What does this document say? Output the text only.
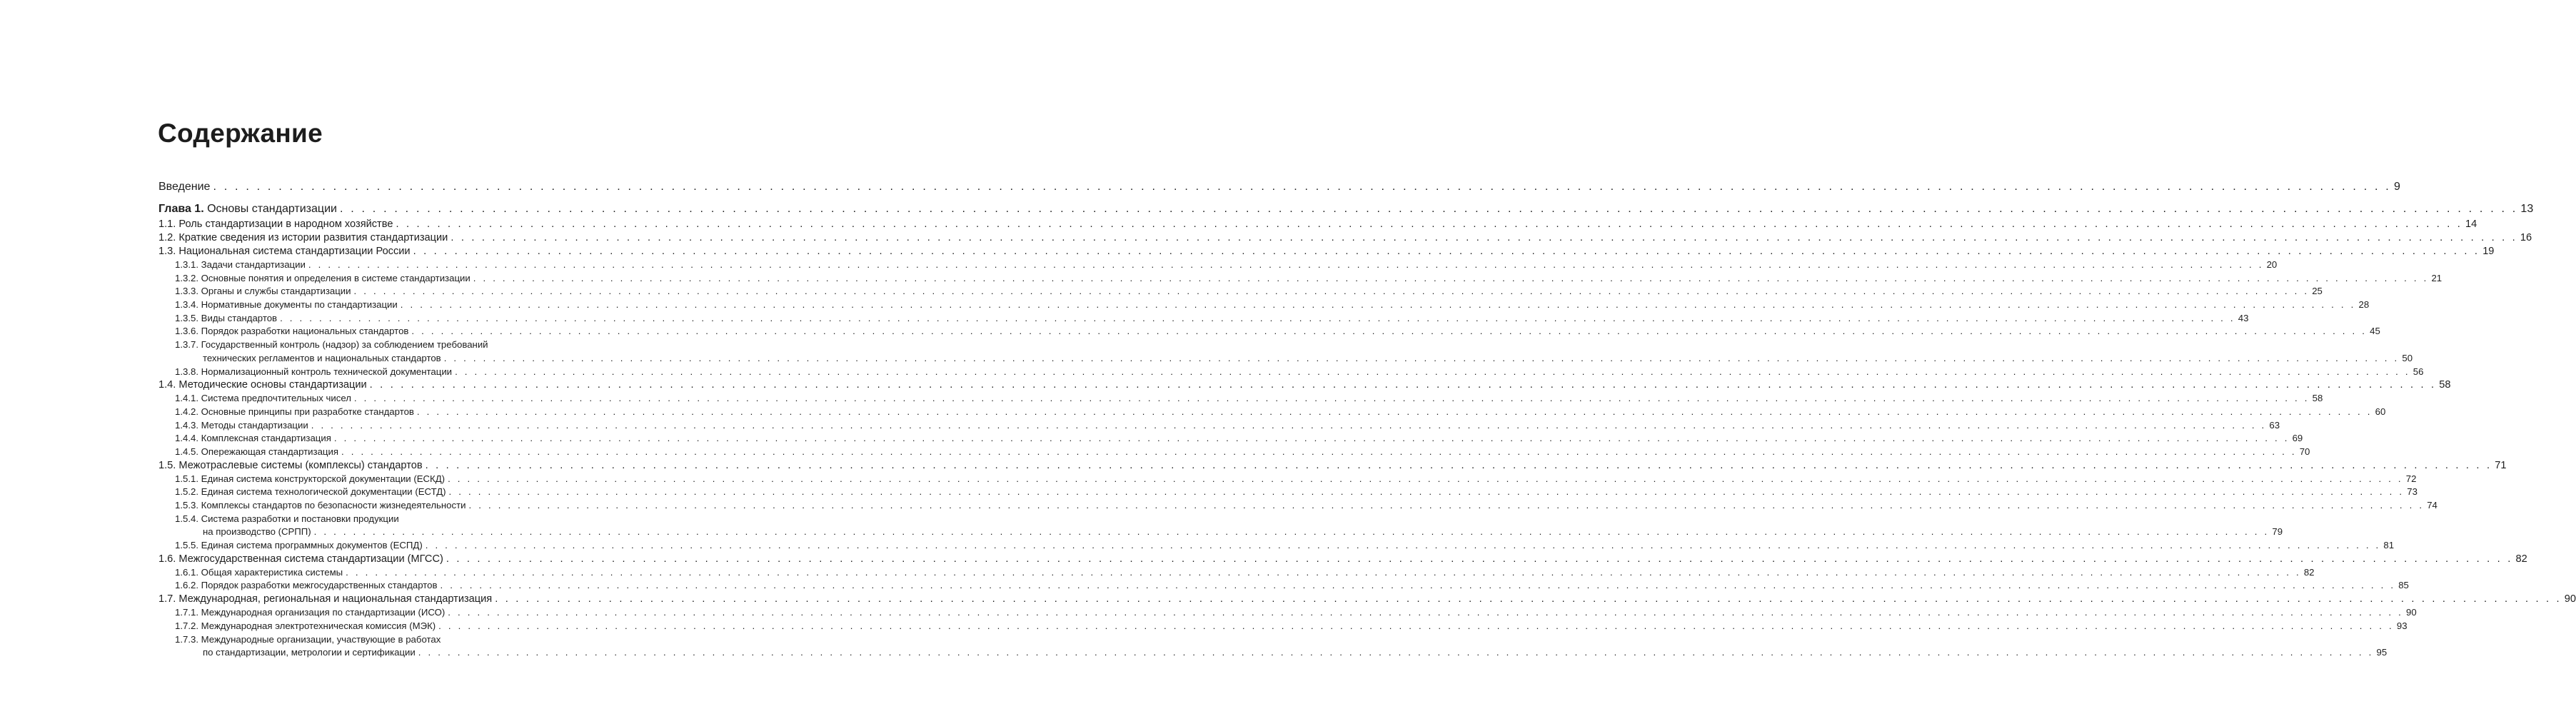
Содержание
Введение . . . . . . . . . . . . . . . . . . . . . . . . . . . . . . . . . . . . . . . . . . . . . . . . . . . . . . . . . . . . . . . . . . . . . . . . . . . . . . . . . . . . . . . . . . . . . . . . . . . . . . . . . . . . . . . . . . . . . . . . . . . . . . . . . . . . . . . . . . . . . . . . . . . . . . . . . . . . . . . . . . . . . . . . . . . . . . . . . . . . . . . . . . . . . . . . . . . . . . . . 9
Глава 1. Основы стандартизации . . . . . . . . . . . . . . . . . . . . . . . . . . . . . . . . . . . . . . . . . . . . . . . . . . . . . . . . . . . . . . . . . . . . . . . . . . . . . . . . . . . . . . . . . . . . . . . . . . . . . . . . . . . . . . . . . . . . . . . . . . . . . . . . . . . . . . . . . . . . . . . . . . . . . . . . . . . . . . . . . . . . . . . . . . . . . . . . . . . . . . . . . . . . . . . . . . . . . . . . 13
1.1. Роль стандартизации в народном хозяйстве . . . . . . . . . . . . . . . . . . . . . . . . . . . . . . . . . . . . . . . . . . . . . . . . . . . . . . . . . . . . . . . . . . . . . . . . . . . . . . . . . . . . . . . . . . . . . . . . . . . . . . . . . . . . . . . . . . . . . . . . . . . . . . . . . . . . . . . . . . . . . . . . . . . . . . . . . . . . . . . . . . . . . . . . . . . . . . . . . . . . . . . . . . . . . . . . . . . . . . . . 14
1.2. Краткие сведения из истории развития стандартизации . . . . . . . . . . . . . . . . . . . . . . . . . . . . . . . . . . . . . . . . . . . . . . . . . . . . . . . . . . . . . . . . . . . . . . . . . . . . . . . . . . . . . . . . . . . . . . . . . . . . . . . . . . . . . . . . . . . . . . . . . . . . . . . . . . . . . . . . . . . . . . . . . . . . . . . . . . . . . . . . . . . . . . . . . . . . . . . . . . . . . . . . . . . . . . . . . . . . . . . . 16
1.3. Национальная система стандартизации России . . . . . . . . . . . . . . . . . . . . . . . . . . . . . . . . . . . . . . . . . . . . . . . . . . . . . . . . . . . . . . . . . . . . . . . . . . . . . . . . . . . . . . . . . . . . . . . . . . . . . . . . . . . . . . . . . . . . . . . . . . . . . . . . . . . . . . . . . . . . . . . . . . . . . . . . . . . . . . . . . . . . . . . . . . . . . . . . . . . . . . . . . . . . . . . . . . . . . . . . 19
1.3.1. Задачи стандартизации . . . . . . . . . . . . . . . . . . . . . . . . . . . . . . . . . . . . . . . . . . . . . . . . . . . . . . . . . . . . . . . . . . . . . . . . . . . . . . . . . . . . . . . . . . . . . . . . . . . . . . . . . . . . . . . . . . . . . . . . . . . . . . . . . . . . . . . . . . . . . . . . . . . . . . . . . . . . . . . . . . . . . . . . . . . . . . . . . . . . . . . . . . . . . . . . . . . . . . . . 20
1.3.2. Основные понятия и определения в системе стандартизации . . . . . . . . . . . . . . . . . . . . . . . . . . . . . . . . . . . . . . . . . . . . . . . . . . . . . . . . . . . . . . . . . . . . . . . . . . . . . . . . . . . . . . . . . . . . . . . . . . . . . . . . . . . . . . . . . . . . . . . . . . . . . . . . . . . . . . . . . . . . . . . . . . . . . . . . . . . . . . . . . . . . . . . . . . . . . . . . . . . . . . . . . . . . . . . . . . . . . . . . 21
1.3.3. Органы и службы стандартизации . . . . . . . . . . . . . . . . . . . . . . . . . . . . . . . . . . . . . . . . . . . . . . . . . . . . . . . . . . . . . . . . . . . . . . . . . . . . . . . . . . . . . . . . . . . . . . . . . . . . . . . . . . . . . . . . . . . . . . . . . . . . . . . . . . . . . . . . . . . . . . . . . . . . . . . . . . . . . . . . . . . . . . . . . . . . . . . . . . . . . . . . . . . . . . . . . . . . . . . . 25
1.3.4. Нормативные документы по стандартизации . . . . . . . . . . . . . . . . . . . . . . . . . . . . . . . . . . . . . . . . . . . . . . . . . . . . . . . . . . . . . . . . . . . . . . . . . . . . . . . . . . . . . . . . . . . . . . . . . . . . . . . . . . . . . . . . . . . . . . . . . . . . . . . . . . . . . . . . . . . . . . . . . . . . . . . . . . . . . . . . . . . . . . . . . . . . . . . . . . . . . . . . . . . . . . . . . . . . . . . . 28
1.3.5. Виды стандартов . . . . . . . . . . . . . . . . . . . . . . . . . . . . . . . . . . . . . . . . . . . . . . . . . . . . . . . . . . . . . . . . . . . . . . . . . . . . . . . . . . . . . . . . . . . . . . . . . . . . . . . . . . . . . . . . . . . . . . . . . . . . . . . . . . . . . . . . . . . . . . . . . . . . . . . . . . . . . . . . . . . . . . . . . . . . . . . . . . . . . . . . . . . . . . . . . . . . . . . . 43
1.3.6. Порядок разработки национальных стандартов . . . . . . . . . . . . . . . . . . . . . . . . . . . . . . . . . . . . . . . . . . . . . . . . . . . . . . . . . . . . . . . . . . . . . . . . . . . . . . . . . . . . . . . . . . . . . . . . . . . . . . . . . . . . . . . . . . . . . . . . . . . . . . . . . . . . . . . . . . . . . . . . . . . . . . . . . . . . . . . . . . . . . . . . . . . . . . . . . . . . . . . . . . . . . . . . . . . . . . . . 45
1.3.7. Государственный контроль (надзор) за соблюдением требований
технических регламентов и национальных стандартов . . . . . . . . . . . . . . . . . . . . . . . . . . . . . . . . . . . . . . . . . . . . . . . . . . . . . . . . . . . . . . . . . . . . . . . . . . . . . . . . . . . . . . . . . . . . . . . . . . . . . . . . . . . . . . . . . . . . . . . . . . . . . . . . . . . . . . . . . . . . . . . . . . . . . . . . . . . . . . . . . . . . . . . . . . . . . . . . . . . . . . . . . . . . . . . . . . . . . . . . 50
1.3.8. Нормализационный контроль технической документации . . . . . . . . . . . . . . . . . . . . . . . . . . . . . . . . . . . . . . . . . . . . . . . . . . . . . . . . . . . . . . . . . . . . . . . . . . . . . . . . . . . . . . . . . . . . . . . . . . . . . . . . . . . . . . . . . . . . . . . . . . . . . . . . . . . . . . . . . . . . . . . . . . . . . . . . . . . . . . . . . . . . . . . . . . . . . . . . . . . . . . . . . . . . . . . . . . . . . . . . 56
1.4. Методические основы стандартизации . . . . . . . . . . . . . . . . . . . . . . . . . . . . . . . . . . . . . . . . . . . . . . . . . . . . . . . . . . . . . . . . . . . . . . . . . . . . . . . . . . . . . . . . . . . . . . . . . . . . . . . . . . . . . . . . . . . . . . . . . . . . . . . . . . . . . . . . . . . . . . . . . . . . . . . . . . . . . . . . . . . . . . . . . . . . . . . . . . . . . . . . . . . . . . . . . . . . . . . . 58
1.4.1. Система предпочтительных чисел . . . . . . . . . . . . . . . . . . . . . . . . . . . . . . . . . . . . . . . . . . . . . . . . . . . . . . . . . . . . . . . . . . . . . . . . . . . . . . . . . . . . . . . . . . . . . . . . . . . . . . . . . . . . . . . . . . . . . . . . . . . . . . . . . . . . . . . . . . . . . . . . . . . . . . . . . . . . . . . . . . . . . . . . . . . . . . . . . . . . . . . . . . . . . . . . . . . . . . . . 58
1.4.2. Основные принципы при разработке стандартов . . . . . . . . . . . . . . . . . . . . . . . . . . . . . . . . . . . . . . . . . . . . . . . . . . . . . . . . . . . . . . . . . . . . . . . . . . . . . . . . . . . . . . . . . . . . . . . . . . . . . . . . . . . . . . . . . . . . . . . . . . . . . . . . . . . . . . . . . . . . . . . . . . . . . . . . . . . . . . . . . . . . . . . . . . . . . . . . . . . . . . . . . . . . . . . . . . . . . . . . 60
1.4.3. Методы стандартизации . . . . . . . . . . . . . . . . . . . . . . . . . . . . . . . . . . . . . . . . . . . . . . . . . . . . . . . . . . . . . . . . . . . . . . . . . . . . . . . . . . . . . . . . . . . . . . . . . . . . . . . . . . . . . . . . . . . . . . . . . . . . . . . . . . . . . . . . . . . . . . . . . . . . . . . . . . . . . . . . . . . . . . . . . . . . . . . . . . . . . . . . . . . . . . . . . . . . . . . . 63
1.4.4. Комплексная стандартизация . . . . . . . . . . . . . . . . . . . . . . . . . . . . . . . . . . . . . . . . . . . . . . . . . . . . . . . . . . . . . . . . . . . . . . . . . . . . . . . . . . . . . . . . . . . . . . . . . . . . . . . . . . . . . . . . . . . . . . . . . . . . . . . . . . . . . . . . . . . . . . . . . . . . . . . . . . . . . . . . . . . . . . . . . . . . . . . . . . . . . . . . . . . . . . . . . . . . . . . . 69
1.4.5. Опережающая стандартизация . . . . . . . . . . . . . . . . . . . . . . . . . . . . . . . . . . . . . . . . . . . . . . . . . . . . . . . . . . . . . . . . . . . . . . . . . . . . . . . . . . . . . . . . . . . . . . . . . . . . . . . . . . . . . . . . . . . . . . . . . . . . . . . . . . . . . . . . . . . . . . . . . . . . . . . . . . . . . . . . . . . . . . . . . . . . . . . . . . . . . . . . . . . . . . . . . . . . . . . . 70
1.5. Межотраслевые системы (комплексы) стандартов . . . . . . . . . . . . . . . . . . . . . . . . . . . . . . . . . . . . . . . . . . . . . . . . . . . . . . . . . . . . . . . . . . . . . . . . . . . . . . . . . . . . . . . . . . . . . . . . . . . . . . . . . . . . . . . . . . . . . . . . . . . . . . . . . . . . . . . . . . . . . . . . . . . . . . . . . . . . . . . . . . . . . . . . . . . . . . . . . . . . . . . . . . . . . . . . . . . . . . . . 71
1.5.1. Единая система конструкторской документации (ЕСКД) . . . . . . . . . . . . . . . . . . . . . . . . . . . . . . . . . . . . . . . . . . . . . . . . . . . . . . . . . . . . . . . . . . . . . . . . . . . . . . . . . . . . . . . . . . . . . . . . . . . . . . . . . . . . . . . . . . . . . . . . . . . . . . . . . . . . . . . . . . . . . . . . . . . . . . . . . . . . . . . . . . . . . . . . . . . . . . . . . . . . . . . . . . . . . . . . . . . . . . . . 72
1.5.2. Единая система технологической документации (ЕСТД) . . . . . . . . . . . . . . . . . . . . . . . . . . . . . . . . . . . . . . . . . . . . . . . . . . . . . . . . . . . . . . . . . . . . . . . . . . . . . . . . . . . . . . . . . . . . . . . . . . . . . . . . . . . . . . . . . . . . . . . . . . . . . . . . . . . . . . . . . . . . . . . . . . . . . . . . . . . . . . . . . . . . . . . . . . . . . . . . . . . . . . . . . . . . . . . . . . . . . . . . 73
1.5.3. Комплексы стандартов по безопасности жизнедеятельности . . . . . . . . . . . . . . . . . . . . . . . . . . . . . . . . . . . . . . . . . . . . . . . . . . . . . . . . . . . . . . . . . . . . . . . . . . . . . . . . . . . . . . . . . . . . . . . . . . . . . . . . . . . . . . . . . . . . . . . . . . . . . . . . . . . . . . . . . . . . . . . . . . . . . . . . . . . . . . . . . . . . . . . . . . . . . . . . . . . . . . . . . . . . . . . . . . . . . . . . 74
1.5.4. Система разработки и постановки продукции
на производство (СРПП) . . . . . . . . . . . . . . . . . . . . . . . . . . . . . . . . . . . . . . . . . . . . . . . . . . . . . . . . . . . . . . . . . . . . . . . . . . . . . . . . . . . . . . . . . . . . . . . . . . . . . . . . . . . . . . . . . . . . . . . . . . . . . . . . . . . . . . . . . . . . . . . . . . . . . . . . . . . . . . . . . . . . . . . . . . . . . . . . . . . . . . . . . . . . . . . . . . . . . . . . 79
1.5.5. Единая система программных документов (ЕСПД) . . . . . . . . . . . . . . . . . . . . . . . . . . . . . . . . . . . . . . . . . . . . . . . . . . . . . . . . . . . . . . . . . . . . . . . . . . . . . . . . . . . . . . . . . . . . . . . . . . . . . . . . . . . . . . . . . . . . . . . . . . . . . . . . . . . . . . . . . . . . . . . . . . . . . . . . . . . . . . . . . . . . . . . . . . . . . . . . . . . . . . . . . . . . . . . . . . . . . . . . 81
1.6. Межгосударственная система стандартизации (МГСС) . . . . . . . . . . . . . . . . . . . . . . . . . . . . . . . . . . . . . . . . . . . . . . . . . . . . . . . . . . . . . . . . . . . . . . . . . . . . . . . . . . . . . . . . . . . . . . . . . . . . . . . . . . . . . . . . . . . . . . . . . . . . . . . . . . . . . . . . . . . . . . . . . . . . . . . . . . . . . . . . . . . . . . . . . . . . . . . . . . . . . . . . . . . . . . . . . . . . . . . . 82
1.6.1. Общая характеристика системы . . . . . . . . . . . . . . . . . . . . . . . . . . . . . . . . . . . . . . . . . . . . . . . . . . . . . . . . . . . . . . . . . . . . . . . . . . . . . . . . . . . . . . . . . . . . . . . . . . . . . . . . . . . . . . . . . . . . . . . . . . . . . . . . . . . . . . . . . . . . . . . . . . . . . . . . . . . . . . . . . . . . . . . . . . . . . . . . . . . . . . . . . . . . . . . . . . . . . . . . 82
1.6.2. Порядок разработки межгосударственных стандартов . . . . . . . . . . . . . . . . . . . . . . . . . . . . . . . . . . . . . . . . . . . . . . . . . . . . . . . . . . . . . . . . . . . . . . . . . . . . . . . . . . . . . . . . . . . . . . . . . . . . . . . . . . . . . . . . . . . . . . . . . . . . . . . . . . . . . . . . . . . . . . . . . . . . . . . . . . . . . . . . . . . . . . . . . . . . . . . . . . . . . . . . . . . . . . . . . . . . . . . . 85
1.7. Международная, региональная и национальная стандартизация . . . . . . . . . . . . . . . . . . . . . . . . . . . . . . . . . . . . . . . . . . . . . . . . . . . . . . . . . . . . . . . . . . . . . . . . . . . . . . . . . . . . . . . . . . . . . . . . . . . . . . . . . . . . . . . . . . . . . . . . . . . . . . . . . . . . . . . . . . . . . . . . . . . . . . . . . . . . . . . . . . . . . . . . . . . . . . . . . . . . . . . . . . . . . . . . . . . . . . . . 90
1.7.1. Международная организация по стандартизации (ИСО) . . . . . . . . . . . . . . . . . . . . . . . . . . . . . . . . . . . . . . . . . . . . . . . . . . . . . . . . . . . . . . . . . . . . . . . . . . . . . . . . . . . . . . . . . . . . . . . . . . . . . . . . . . . . . . . . . . . . . . . . . . . . . . . . . . . . . . . . . . . . . . . . . . . . . . . . . . . . . . . . . . . . . . . . . . . . . . . . . . . . . . . . . . . . . . . . . . . . . . . . 90
1.7.2. Международная электротехническая комиссия (МЭК) . . . . . . . . . . . . . . . . . . . . . . . . . . . . . . . . . . . . . . . . . . . . . . . . . . . . . . . . . . . . . . . . . . . . . . . . . . . . . . . . . . . . . . . . . . . . . . . . . . . . . . . . . . . . . . . . . . . . . . . . . . . . . . . . . . . . . . . . . . . . . . . . . . . . . . . . . . . . . . . . . . . . . . . . . . . . . . . . . . . . . . . . . . . . . . . . . . . . . . . . 93
1.7.3. Международные организации, участвующие в работах
по стандартизации, метрологии и сертификации . . . . . . . . . . . . . . . . . . . . . . . . . . . . . . . . . . . . . . . . . . . . . . . . . . . . . . . . . . . . . . . . . . . . . . . . . . . . . . . . . . . . . . . . . . . . . . . . . . . . . . . . . . . . . . . . . . . . . . . . . . . . . . . . . . . . . . . . . . . . . . . . . . . . . . . . . . . . . . . . . . . . . . . . . . . . . . . . . . . . . . . . . . . . . . . . . . . . . . . . 95
